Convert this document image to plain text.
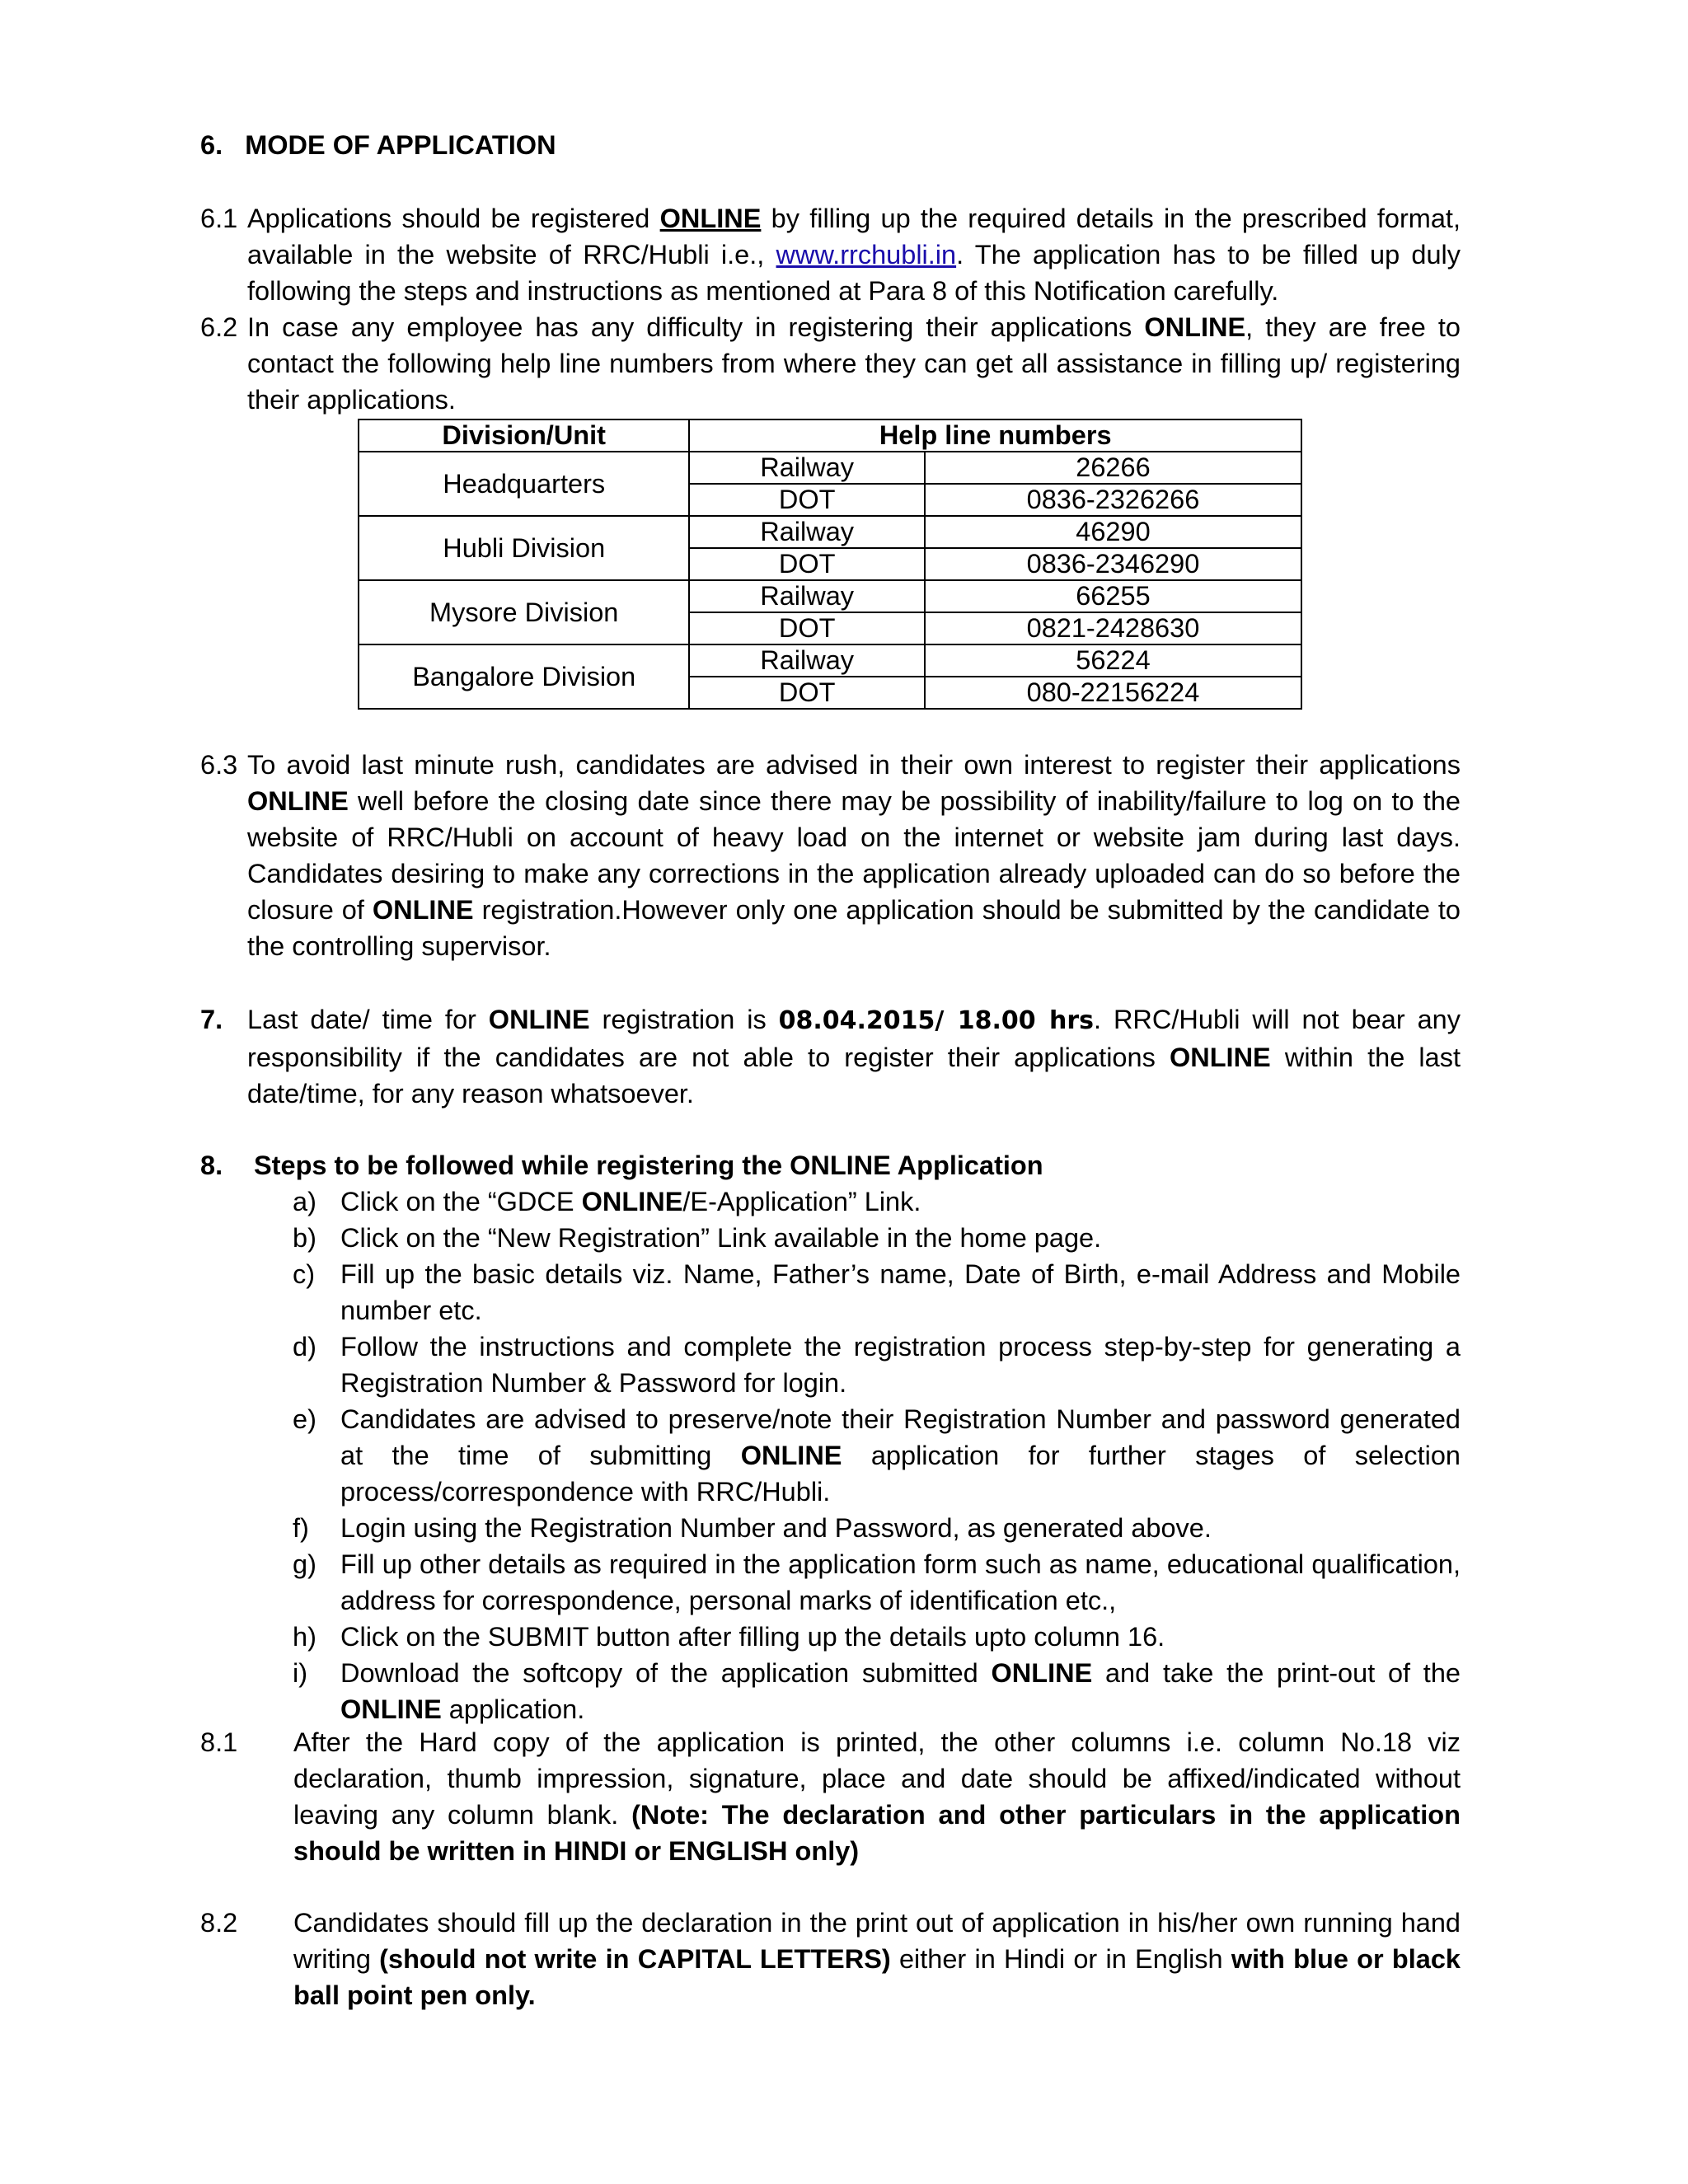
6.   MODE OF APPLICATION
6.1 Applications should be registered ONLINE by filling up the required details in the prescribed format, available in the website of RRC/Hubli i.e., www.rrchubli.in. The application has to be filled up duly following the steps and instructions as mentioned at Para 8 of this Notification carefully.
6.2 In case any employee has any difficulty in registering their applications ONLINE, they are free to contact the following help line numbers from where they can get all assistance in filling up/ registering their applications.
Division/Unit	Help line numbers	
Headquarters	Railway	26266
	DOT	0836-2326266
Hubli Division	Railway	46290
	DOT	0836-2346290
Mysore Division	Railway	66255
	DOT	0821-2428630
Bangalore Division	Railway	56224
	DOT	080-22156224
6.3 To avoid last minute rush, candidates are advised in their own interest to register their applications ONLINE well before the closing date since there may be possibility of inability/failure to log on to the website of RRC/Hubli on account of heavy load on the internet or website jam during last days. Candidates desiring to make any corrections in the application already uploaded can do so before the closure of ONLINE registration.However only one application should be submitted by the candidate to the controlling supervisor.
7. Last date/ time for ONLINE registration is 08.04.2015/ 18.00 hrs. RRC/Hubli will not bear any responsibility if the candidates are not able to register their applications ONLINE within the last date/time, for any reason whatsoever.
8. Steps to be followed while registering the ONLINE Application
a) Click on the “GDCE ONLINE/E-Application” Link.
b) Click on the “New Registration” Link available in the home page.
c) Fill up the basic details viz. Name, Father’s name, Date of Birth, e-mail Address and Mobile number etc.
d) Follow the instructions and complete the registration process step-by-step for generating a Registration Number & Password for login.
e) Candidates are advised to preserve/note their Registration Number and password generated at the time of submitting ONLINE application for further stages of selection process/correspondence with RRC/Hubli.
f) Login using the Registration Number and Password, as generated above.
g) Fill up other details as required in the application form such as name, educational qualification, address for correspondence, personal marks of identification etc.,
h) Click on the SUBMIT button after filling up the details upto column 16.
i) Download the softcopy of the application submitted ONLINE and take the print-out of the ONLINE application.
8.1 After the Hard copy of the application is printed, the other columns i.e. column No.18 viz declaration, thumb impression, signature, place and date should be affixed/indicated without leaving any column blank. (Note: The declaration and other particulars in the application should be written in HINDI or ENGLISH only)
8.2 Candidates should fill up the declaration in the print out of application in his/her own running hand writing (should not write in CAPITAL LETTERS) either in Hindi or in English with blue or black ball point pen only.
